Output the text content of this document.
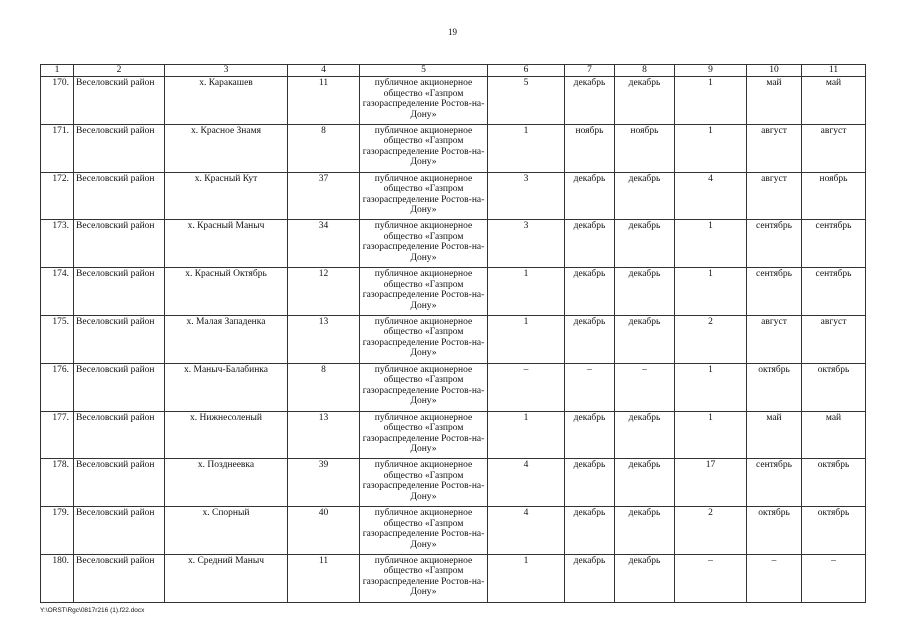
19
1	2	3	4	5	6	7	8	9	10	11
170.	Веселовский район	х. Каракашев	11	публичное акционерное общество «Газпром газораспределение Ростов-на-Дону»	5	декабрь	декабрь	1	май	май
171.	Веселовский район	х. Красное Знамя	8	публичное акционерное общество «Газпром газораспределение Ростов-на-Дону»	1	ноябрь	ноябрь	1	август	август
172.	Веселовский район	х. Красный Кут	37	публичное акционерное общество «Газпром газораспределение Ростов-на-Дону»	3	декабрь	декабрь	4	август	ноябрь
173.	Веселовский район	х. Красный Маныч	34	публичное акционерное общество «Газпром газораспределение Ростов-на-Дону»	3	декабрь	декабрь	1	сентябрь	сентябрь
174.	Веселовский район	х. Красный Октябрь	12	публичное акционерное общество «Газпром газораспределение Ростов-на-Дону»	1	декабрь	декабрь	1	сентябрь	сентябрь
175.	Веселовский район	х. Малая Западенка	13	публичное акционерное общество «Газпром газораспределение Ростов-на-Дону»	1	декабрь	декабрь	2	август	август
176.	Веселовский район	х. Маныч-Балабинка	8	публичное акционерное общество «Газпром газораспределение Ростов-на-Дону»	–	–	–	1	октябрь	октябрь
177.	Веселовский район	х. Нижнесоленый	13	публичное акционерное общество «Газпром газораспределение Ростов-на-Дону»	1	декабрь	декабрь	1	май	май
178.	Веселовский район	х. Позднеевка	39	публичное акционерное общество «Газпром газораспределение Ростов-на-Дону»	4	декабрь	декабрь	17	сентябрь	октябрь
179.	Веселовский район	х. Спорный	40	публичное акционерное общество «Газпром газораспределение Ростов-на-Дону»	4	декабрь	декабрь	2	октябрь	октябрь
180.	Веселовский район	х. Средний Маныч	11	публичное акционерное общество «Газпром газораспределение Ростов-на-Дону»	1	декабрь	декабрь	–	–	–
Y:\ORST\Rgc\0817r216 (1).f22.docx
